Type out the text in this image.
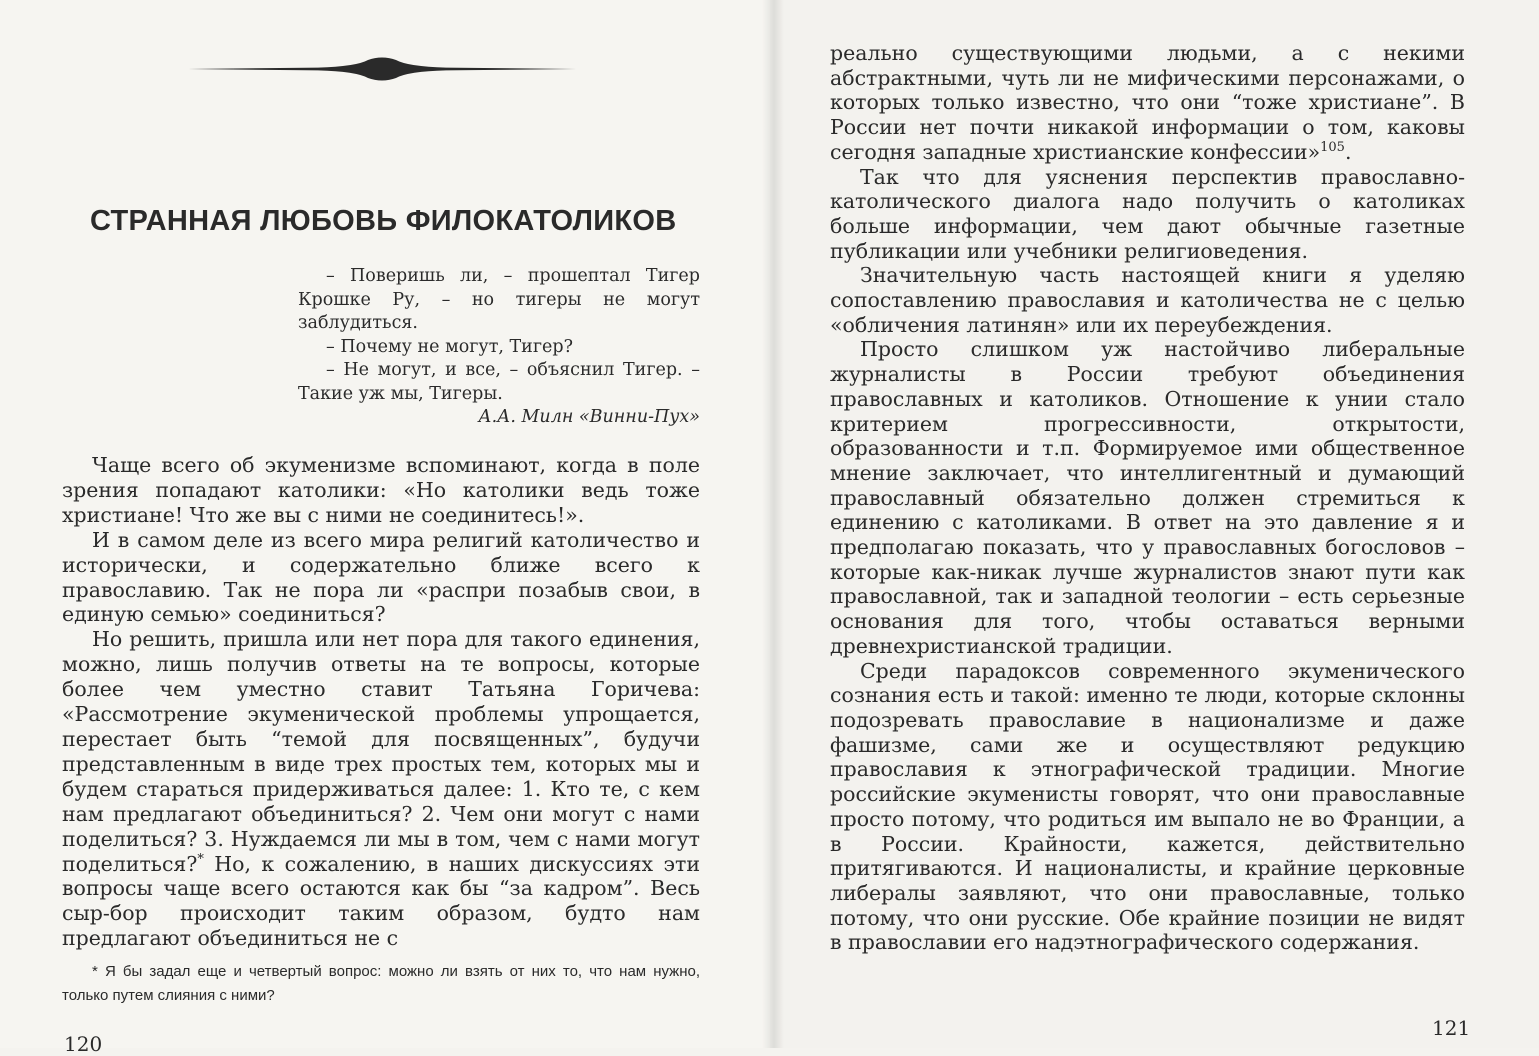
СТРАННАЯ ЛЮБОВЬ ФИЛОКАТОЛИКОВ

– Поверишь ли, – прошептал Тигер Крошке Ру, – но тигеры не могут заблудиться.

– Почему не могут, Тигер?

– Не могут, и все, – объяснил Тигер. – Такие уж мы, Тигеры.

А.А. Милн «Винни-Пух»

Чаще всего об экуменизме вспоминают, когда в поле зрения попадают католики: «Но католики ведь тоже христиане! Что же вы с ними не соединитесь!».

И в самом деле из всего мира религий католичество и исторически, и содержательно ближе всего к православию. Так не пора ли «распри позабыв свои, в единую семью» соединиться?

Но решить, пришла или нет пора для такого единения, можно, лишь получив ответы на те вопросы, которые более чем уместно ставит Татьяна Горичева: «Рассмотрение экуменической проблемы упрощается, перестает быть “темой для посвященных”, будучи представленным в виде трех простых тем, которых мы и будем стараться придерживаться далее: 1. Кто те, с кем нам предлагают объединиться? 2. Чем они могут с нами поделиться? 3. Нуждаемся ли мы в том, чем с нами могут поделиться?* Но, к сожалению, в наших дискуссиях эти вопросы чаще всего остаются как бы “за кадром”. Весь сыр-бор происходит таким образом, будто нам предлагают объединиться не с

* Я бы задал еще и четвертый вопрос: можно ли взять от них то, что нам нужно, только путем слияния с ними?

120

реально существующими людьми, а с некими абстрактными, чуть ли не мифическими персонажами, о которых только известно, что они “тоже христиане”. В России нет почти никакой информации о том, каковы сегодня западные христианские конфессии»$^{105}$.

Так что для уяснения перспектив православно-католического диалога надо получить о католиках больше информации, чем дают обычные газетные публикации или учебники религиоведения.

Значительную часть настоящей книги я уделяю сопоставлению православия и католичества не с целью «обличения латинян» или их переубеждения.

Просто слишком уж настойчиво либеральные журналисты в России требуют объединения православных и католиков. Отношение к унии стало критерием прогрессивности, открытости, образованности и т.п. Формируемое ими общественное мнение заключает, что интеллигентный и думающий православный обязательно должен стремиться к единению с католиками. В ответ на это давление я и предполагаю показать, что у православных богословов – которые как-никак лучше журналистов знают пути как православной, так и западной теологии – есть серьезные основания для того, чтобы оставаться верными древнехристианской традиции.

Среди парадоксов современного экуменического сознания есть и такой: именно те люди, которые склонны подозревать православие в национализме и даже фашизме, сами же и осуществляют редукцию православия к этнографической традиции. Многие российские экуменисты говорят, что они православные просто потому, что родиться им выпало не во Франции, а в России. Крайности, кажется, действительно притягиваются. И националисты, и крайние церковные либералы заявляют, что они православные, только потому, что они русские. Обе крайние позиции не видят в православии его надэтнографического содержания.

121
